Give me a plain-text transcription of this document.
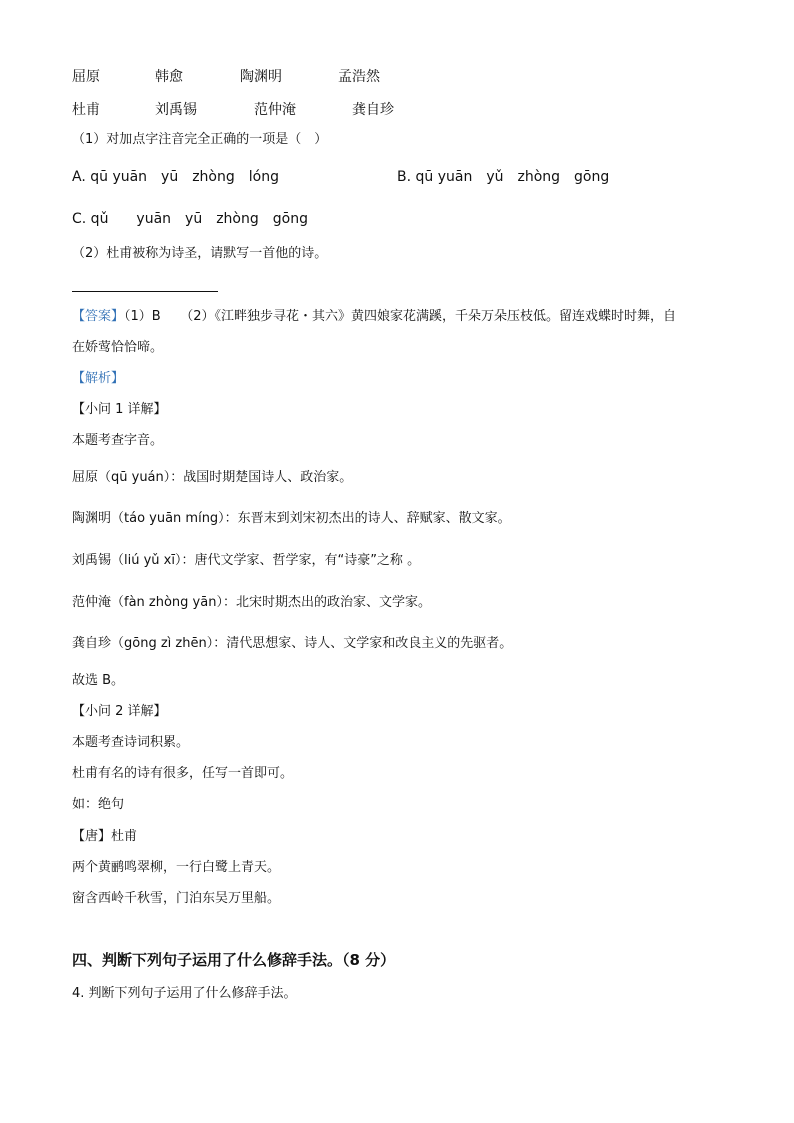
屈原	韩愈	陶渊明	孟浩然
杜甫	刘禹锡	范仲淹	龚自珍
（1）对加点字注音完全正确的一项是（　）
A. qū yuān　yū　zhòng　lóng	B. qū yuān　yǔ　zhòng　gōng
C. qǔ　　yuān　yū　zhòng　gōng
（2）杜甫被称为诗圣，请默写一首他的诗。
【答案】（1）B　　（2）《江畔独步寻花・其六》黄四娘家花满蹊，千朵万朵压枝低。留连戏蝶时时舞，自
在娇莺恰恰啼。
【解析】
【小问 1 详解】
本题考查字音。
屈原（qū yuán）：战国时期楚国诗人、政治家。
陶渊明（táo yuān míng）：东晋末到刘宋初杰出的诗人、辞赋家、散文家。
刘禹锡（liú yǔ xī）：唐代文学家、哲学家，有“诗豪”之称 。
范仲淹（fàn zhòng yān）：北宋时期杰出的政治家、文学家。
龚自珍（gōng zì zhēn）：清代思想家、诗人、文学家和改良主义的先驱者。
故选 B。
【小问 2 详解】
本题考查诗词积累。
杜甫有名的诗有很多，任写一首即可。
如：绝句
【唐】杜甫
两个黄鹂鸣翠柳，一行白鹭上青天。
窗含西岭千秋雪，门泊东吴万里船。
四、判断下列句子运用了什么修辞手法。（8 分）
4. 判断下列句子运用了什么修辞手法。
